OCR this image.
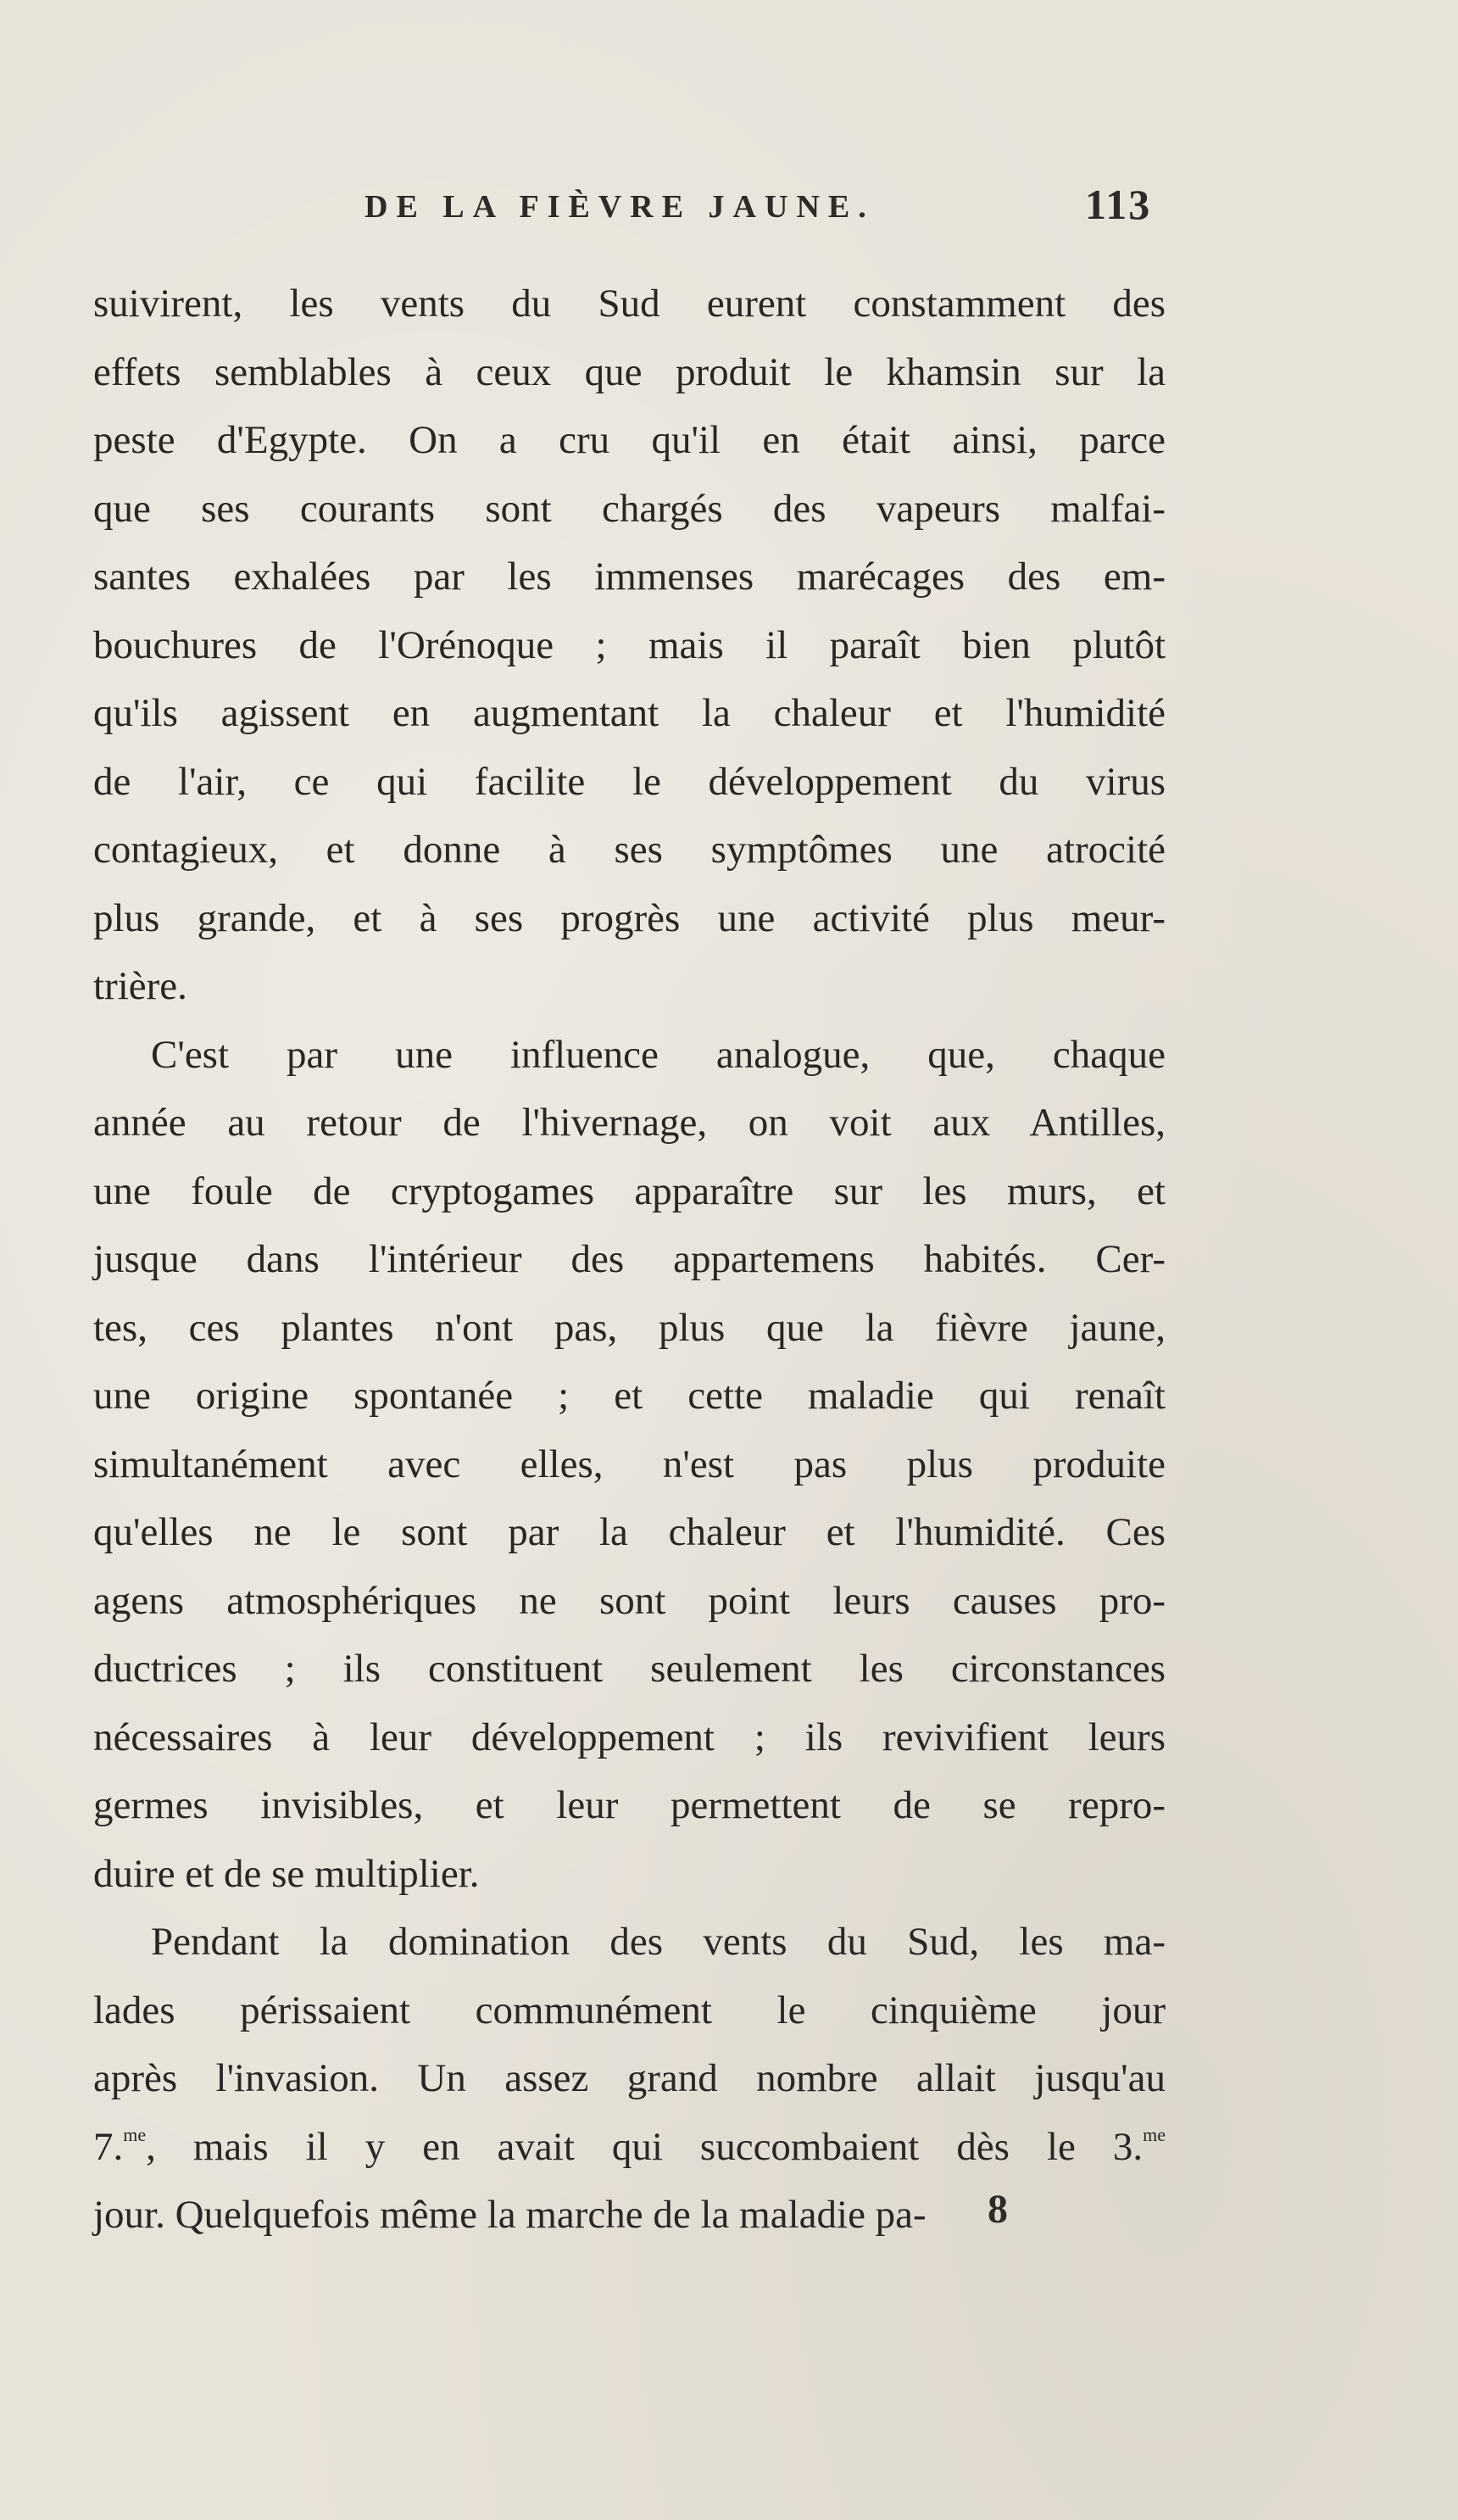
DE LA FIÈVRE JAUNE.	113

suivirent, les vents du Sud eurent constamment des
effets semblables à ceux que produit le khamsin sur la
peste d'Egypte. On a cru qu'il en était ainsi, parce
que ses courants sont chargés des vapeurs malfai-
santes exhalées par les immenses marécages des em-
bouchures de l'Orénoque ; mais il paraît bien plutôt
qu'ils agissent en augmentant la chaleur et l'humidité
de l'air, ce qui facilite le développement du virus
contagieux, et donne à ses symptômes une atrocité
plus grande, et à ses progrès une activité plus meur-
trière.

C'est par une influence analogue, que, chaque
année au retour de l'hivernage, on voit aux Antilles,
une foule de cryptogames apparaître sur les murs, et
jusque dans l'intérieur des appartemens habités. Cer-
tes, ces plantes n'ont pas, plus que la fièvre jaune,
une origine spontanée ; et cette maladie qui renaît
simultanément avec elles, n'est pas plus produite
qu'elles ne le sont par la chaleur et l'humidité. Ces
agens atmosphériques ne sont point leurs causes pro-
ductrices ; ils constituent seulement les circonstances
nécessaires à leur développement ; ils revivifient leurs
germes invisibles, et leur permettent de se repro-
duire et de se multiplier.

Pendant la domination des vents du Sud, les ma-
lades périssaient communément le cinquième jour
après l'invasion. Un assez grand nombre allait jusqu'au
7.$^{me}$, mais il y en avait qui succombaient dès le 3.$^{me}$
jour. Quelquefois même la marche de la maladie pa-	8
